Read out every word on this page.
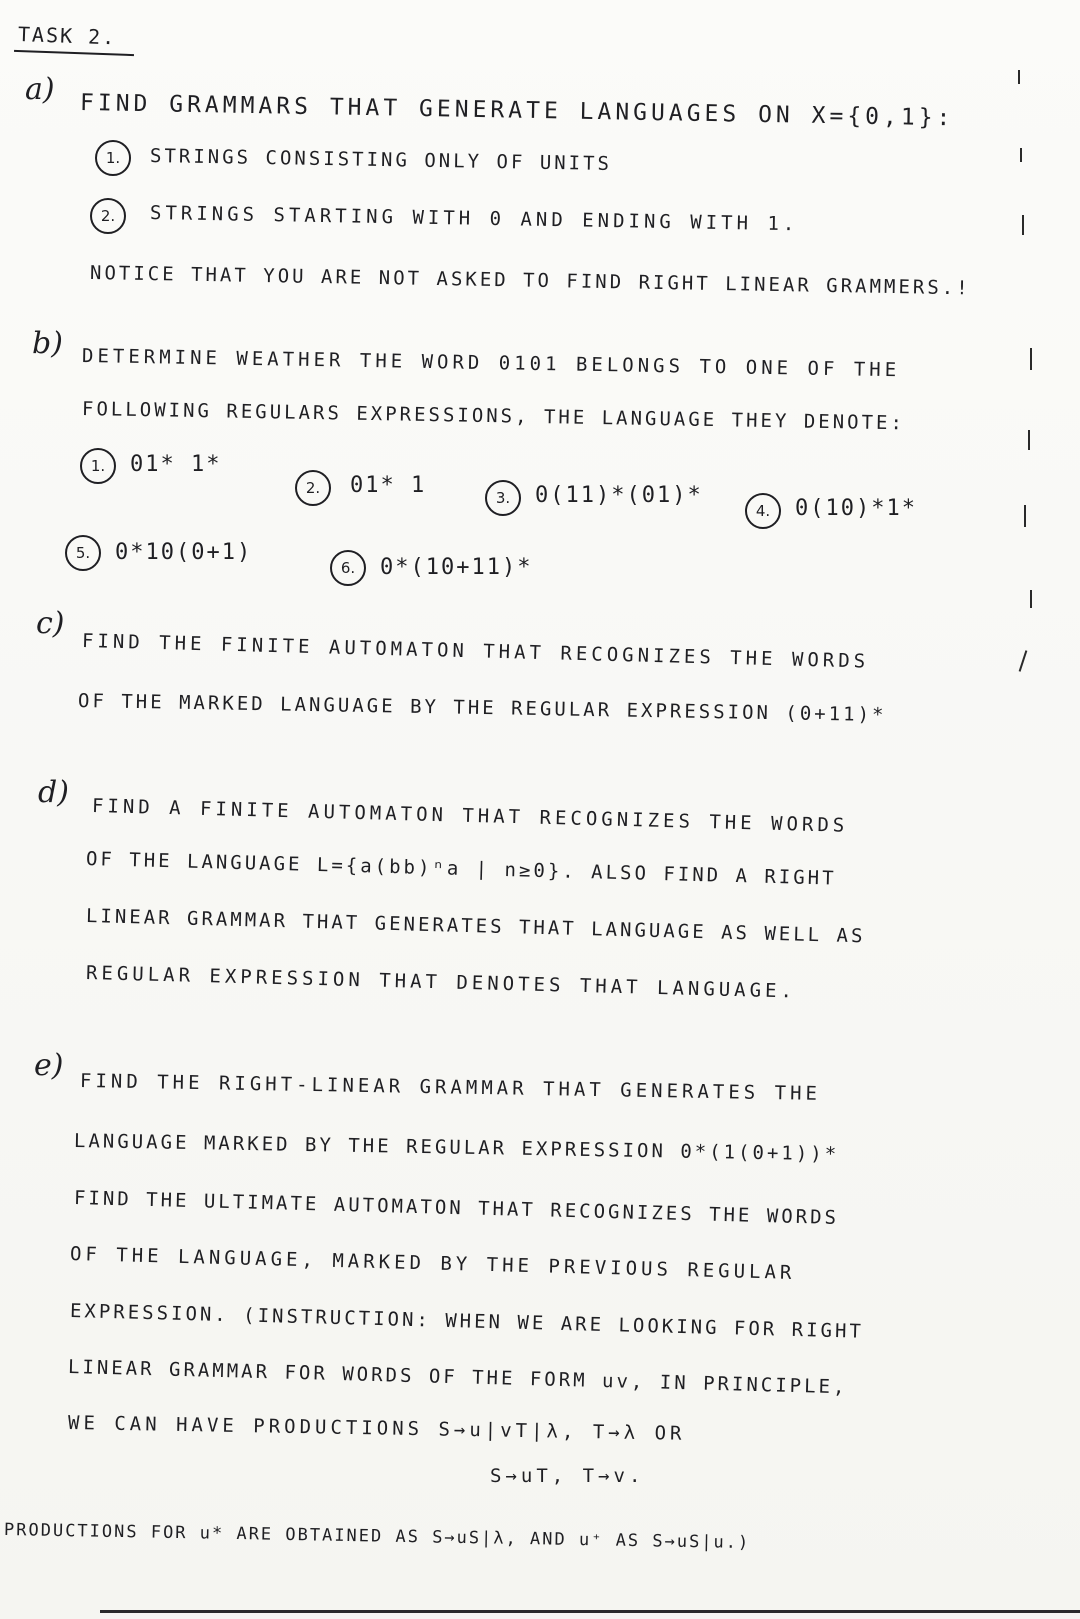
TASK 2.
a)
FIND GRAMMARS THAT GENERATE LANGUAGES ON X={0,1}:
1.	STRINGS CONSISTING ONLY OF UNITS
2.	STRINGS STARTING WITH 0 AND ENDING WITH 1.
NOTICE THAT YOU ARE NOT ASKED TO FIND RIGHT LINEAR GRAMMERS.!
b)
DETERMINE WEATHER THE WORD 0101 BELONGS TO ONE OF THE
FOLLOWING REGULARS EXPRESSIONS, THE LANGUAGE THEY DENOTE:
1.	01* 1*
2.	01* 1	3.	0(11)*(01)*
4.	0(10)*1*
5.	0*10(0+1)
6.	0*(10+11)*
c)
FIND THE FINITE AUTOMATON THAT RECOGNIZES THE WORDS
OF THE MARKED LANGUAGE BY THE REGULAR EXPRESSION (0+11)*
d)
FIND A FINITE AUTOMATON THAT RECOGNIZES THE WORDS
OF THE LANGUAGE L={a(bb)ⁿa | n≥0}. ALSO FIND A RIGHT
LINEAR GRAMMAR THAT GENERATES THAT LANGUAGE AS WELL AS
REGULAR EXPRESSION THAT DENOTES THAT LANGUAGE.
e)
FIND THE RIGHT-LINEAR GRAMMAR THAT GENERATES THE
LANGUAGE MARKED BY THE REGULAR EXPRESSION 0*(1(0+1))*
FIND THE ULTIMATE AUTOMATON THAT RECOGNIZES THE WORDS
OF THE LANGUAGE, MARKED BY THE PREVIOUS REGULAR
EXPRESSION. (INSTRUCTION: WHEN WE ARE LOOKING FOR RIGHT
LINEAR GRAMMAR FOR WORDS OF THE FORM uv, IN PRINCIPLE,
WE CAN HAVE PRODUCTIONS S→u|vT|λ, T→λ OR
S→uT, T→v.
PRODUCTIONS FOR u* ARE OBTAINED AS S→uS|λ, AND u⁺ AS S→uS|u.)
